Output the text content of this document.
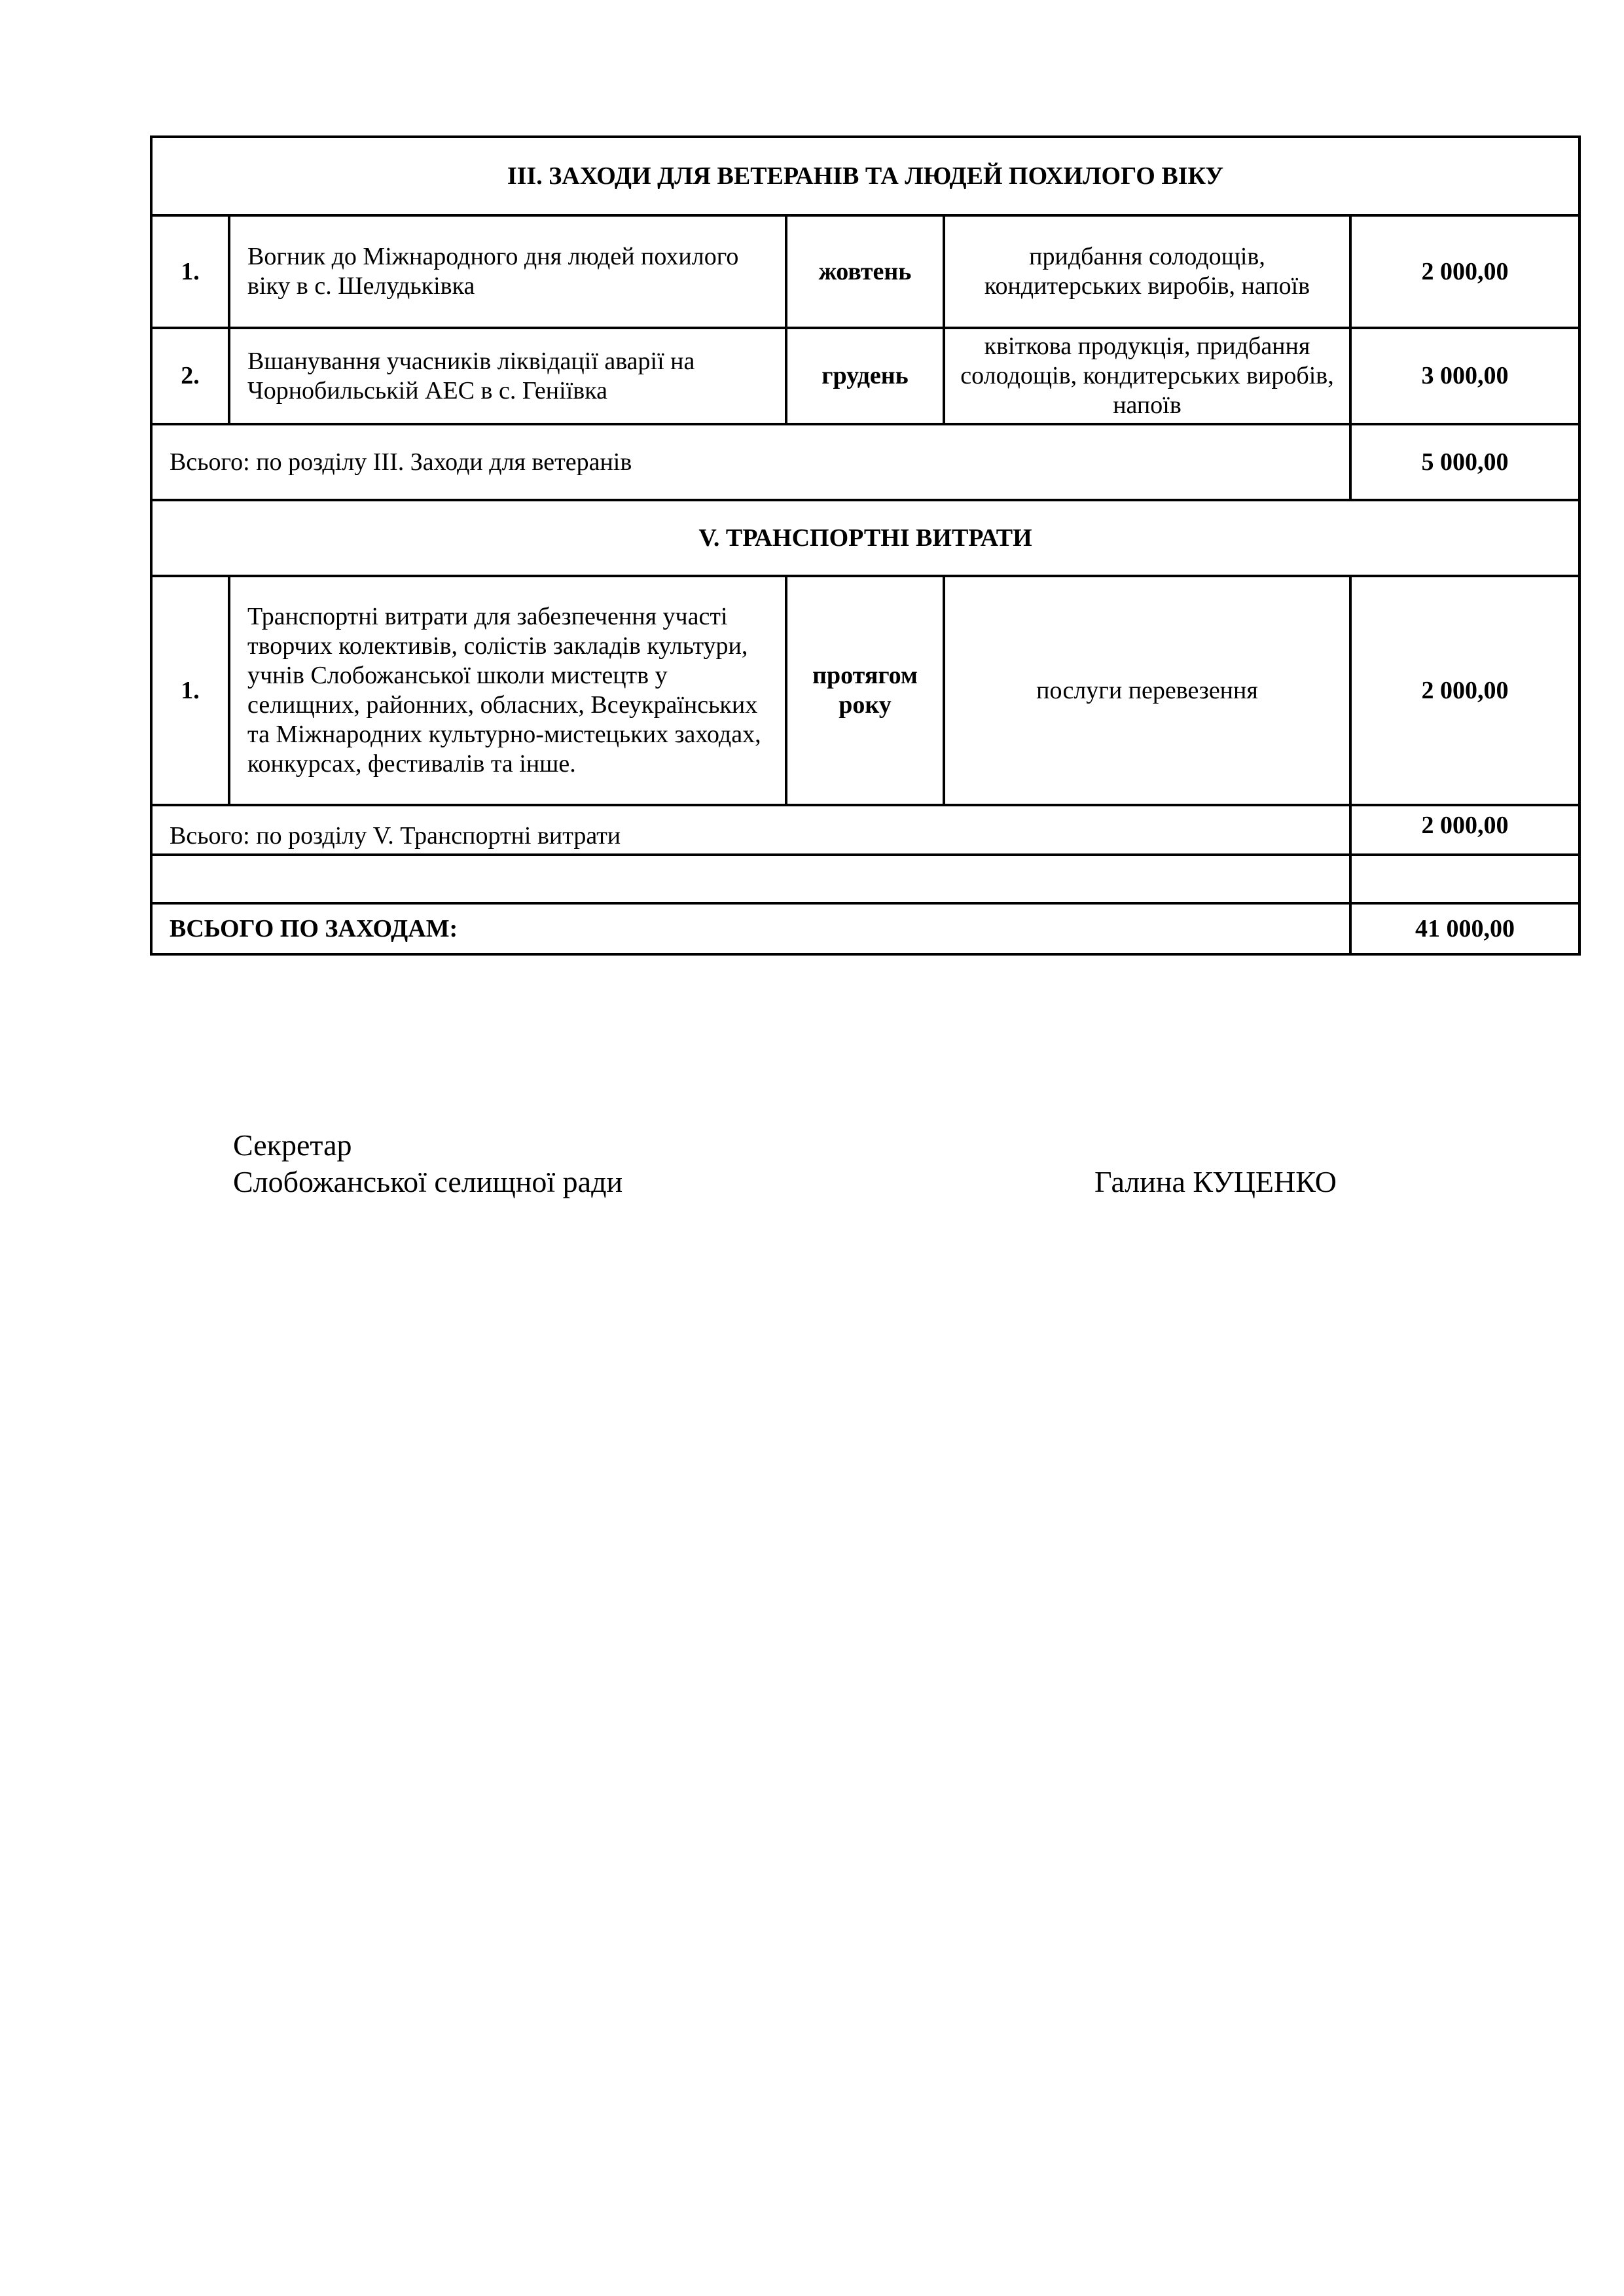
ІІІ. ЗАХОДИ ДЛЯ ВЕТЕРАНІВ ТА ЛЮДЕЙ ПОХИЛОГО ВІКУ				
1.	Вогник до Міжнародного дня людей похилого віку в с. Шелудьківка	жовтень	придбання солодощів, кондитерських виробів, напоїв	2 000,00
2.	Вшанування учасників ліквідації аварії на Чорнобильській АЕС в с. Геніївка	грудень	квіткова продукція, придбання солодощів, кондитерських виробів, напоїв	3 000,00
Всього: по розділу ІІІ. Заходи для ветеранів				5 000,00
V. ТРАНСПОРТНІ ВИТРАТИ				
1.	Транспортні витрати для забезпечення участі творчих колективів, солістів закладів культури, учнів Слобожанської школи мистецтв у селищних, районних, обласних, Всеукраїнських та Міжнародних культурно-мистецьких заходах, конкурсах, фестивалів та інше.	протягом року	послуги перевезення	2 000,00
Всього: по розділу V. Транспортні витрати				2 000,00

ВСЬОГО ПО ЗАХОДАМ:				41 000,00
Секретар
Слобожанської селищної ради	Галина КУЦЕНКО
